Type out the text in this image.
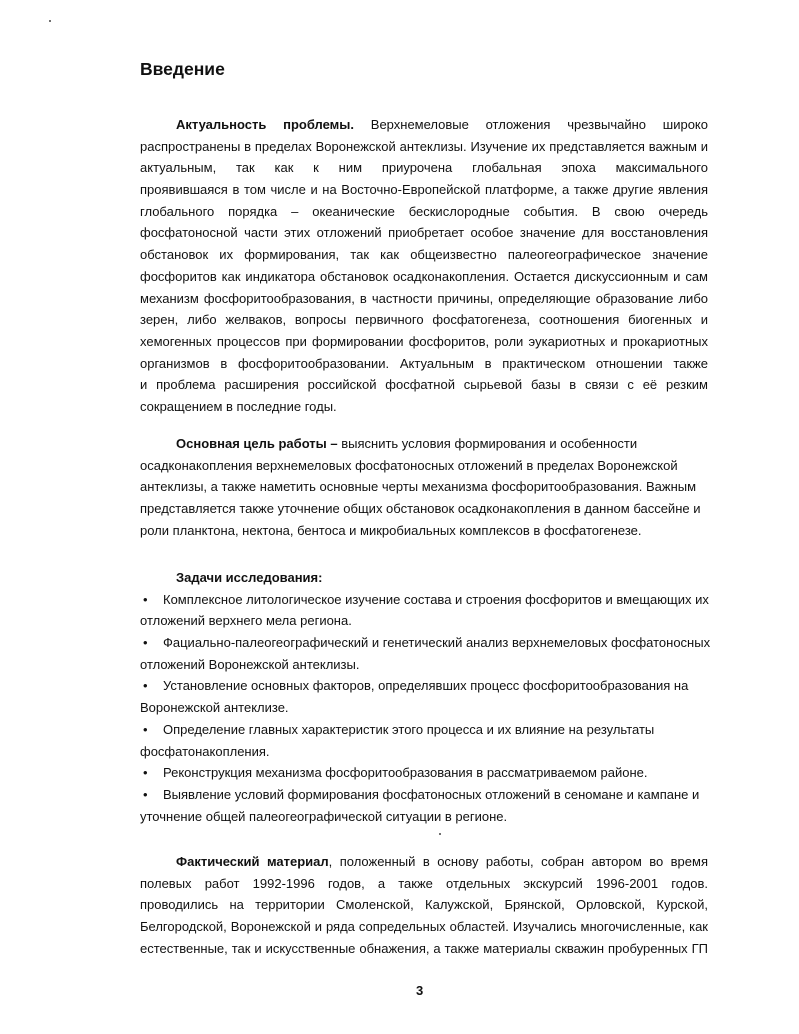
Введение
Актуальность проблемы. Верхнемеловые отложения чрезвычайно широко
распространены в пределах Воронежской антеклизы. Изучение их представляется важным и
актуальным, так как к ним приурочена глобальная эпоха максимального
проявившаяся в том числе и на Восточно-Европейской платформе, а также другие явления
глобального порядка – океанические бескислородные события. В свою очередь
фосфатоносной части этих отложений приобретает особое значение для восстановления
обстановок их формирования, так как общеизвестно палеогеографическое значение
фосфоритов как индикатора обстановок осадконакопления. Остается дискуссионным и сам
механизм фосфоритообразования, в частности причины, определяющие образование либо
зерен, либо желваков, вопросы первичного фосфатогенеза, соотношения биогенных и
хемогенных процессов при формировании фосфоритов, роли эукариотных и прокариотных
организмов в фосфоритообразовании. Актуальным в практическом отношении также
и проблема расширения российской фосфатной сырьевой базы в связи с её резким
сокращением в последние годы.
Основная цель работы – выяснить условия формирования и особенности
осадконакопления верхнемеловых фосфатоносных отложений в пределах Воронежской
антеклизы, а также наметить основные черты механизма фосфоритообразования. Важным
представляется также уточнение общих обстановок осадконакопления в данном бассейне и
роли планктона, нектона, бентоса и микробиальных комплексов в фосфатогенезе.
Задачи исследования:
• Комплексное литологическое изучение состава и строения фосфоритов и вмещающих их
отложений верхнего мела региона.
• Фациально-палеогеографический и генетический анализ верхнемеловых фосфатоносных
отложений Воронежской антеклизы.
• Установление основных факторов, определявших процесс фосфоритообразования на
Воронежской антеклизе.
• Определение главных характеристик этого процесса и их влияние на результаты
фосфатонакопления.
• Реконструкция механизма фосфоритообразования в рассматриваемом районе.
• Выявление условий формирования фосфатоносных отложений в сеномане и кампане и
уточнение общей палеогеографической ситуации в регионе.
Фактический материал, положенный в основу работы, собран автором во время
полевых работ 1992-1996 годов, а также отдельных экскурсий 1996-2001 годов.
проводились на территории Смоленской, Калужской, Брянской, Орловской, Курской,
Белгородской, Воронежской и ряда сопредельных областей. Изучались многочисленные, как
естественные, так и искусственные обнажения, а также материалы скважин пробуренных ГП
3
